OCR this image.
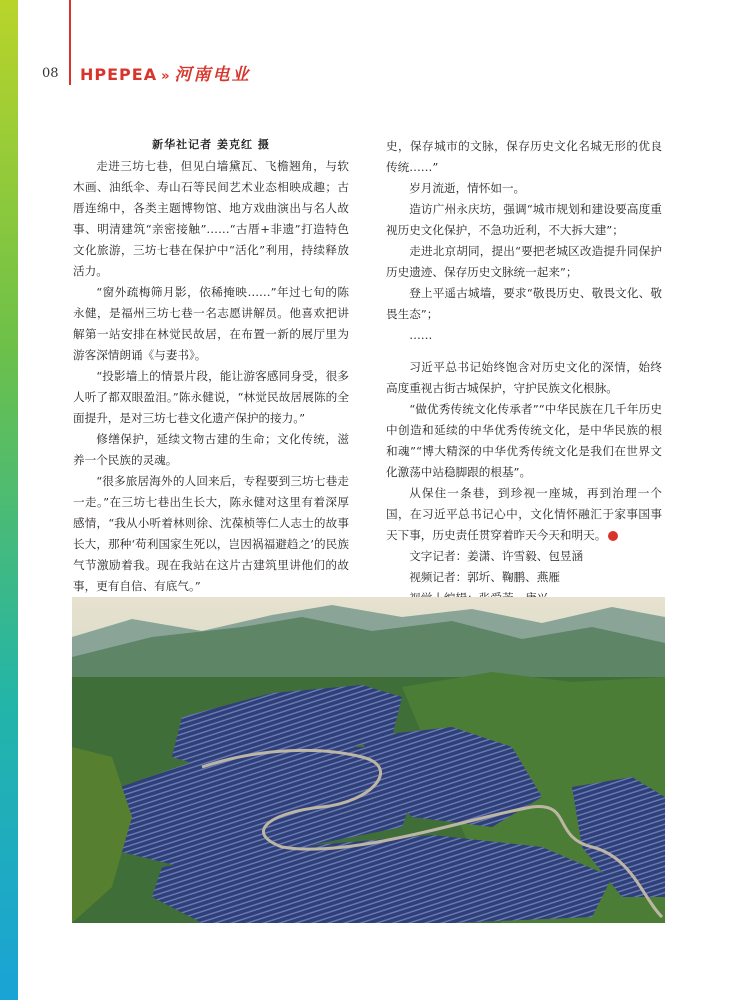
08 HPEPEA » 河南电业

新华社记者 姜克红 摄

走进三坊七巷，但见白墙黛瓦、飞檐翘角，与软木画、油纸伞、寿山石等民间艺术业态相映成趣；古厝连绵中，各类主题博物馆、地方戏曲演出与名人故事、明清建筑“亲密接触”……“古厝+非遗”打造特色文化旅游，三坊七巷在保护中“活化”利用，持续释放活力。

“窗外疏梅筛月影，依稀掩映……”年过七旬的陈永健，是福州三坊七巷一名志愿讲解员。他喜欢把讲解第一站安排在林觉民故居，在布置一新的展厅里为游客深情朗诵《与妻书》。

“投影墙上的情景片段，能让游客感同身受，很多人听了都双眼盈泪。”陈永健说，“林觉民故居展陈的全面提升，是对三坊七巷文化遗产保护的接力。”

修缮保护，延续文物古建的生命；文化传统，滋养一个民族的灵魂。

“很多旅居海外的人回来后，专程要到三坊七巷走一走。”在三坊七巷出生长大，陈永健对这里有着深厚感情，“我从小听着林则徐、沈葆桢等仁人志士的故事长大，那种‘苟利国家生死以，岂因祸福避趋之’的民族气节激励着我。现在我站在这片古建筑里讲他们的故事，更有自信、有底气。”

史，保存城市的文脉，保存历史文化名城无形的优良传统……”

岁月流逝，情怀如一。

造访广州永庆坊，强调“城市规划和建设要高度重视历史文化保护，不急功近利，不大拆大建”；

走进北京胡同，提出“要把老城区改造提升同保护历史遗迹、保存历史文脉统一起来”；

登上平遥古城墙，要求“敬畏历史、敬畏文化、敬畏生态”；

……

习近平总书记始终饱含对历史文化的深情，始终高度重视古街古城保护，守护民族文化根脉。

“做优秀传统文化传承者”“中华民族在几千年历史中创造和延续的中华优秀传统文化，是中华民族的根和魂”“博大精深的中华优秀传统文化是我们在世界文化激荡中站稳脚跟的根基”。

从保住一条巷，到珍视一座城，再到治理一个国，在习近平总书记心中，文化情怀融汇于家事国事天下事，历史责任贯穿着昨天今天和明天。

文字记者：姜潇、许雪毅、包昱涵

视频记者：郭圻、鞠鹏、燕雁
